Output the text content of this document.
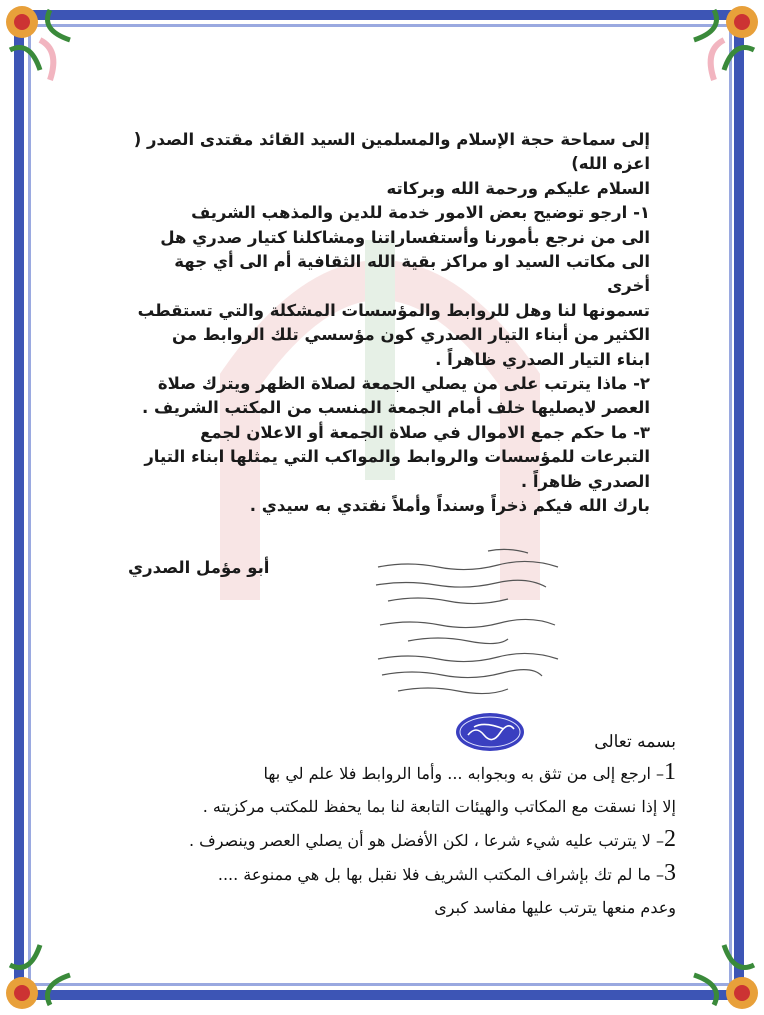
إلى سماحة حجة الإسلام والمسلمين السيد القائد مقتدى الصدر (

اعزه الله)

السلام عليكم ورحمة الله وبركاته

١- ارجو توضيح بعض الامور خدمة للدين والمذهب الشريف

الى من نرجع بأمورنا وأستفساراتنا ومشاكلنا كتيار صدري هل

الى مكاتب السيد او مراكز بقية الله الثقافية أم الى أي جهة أخرى

تسمونها لنا وهل للروابط والمؤسسات المشكلة والتي تستقطب

الكثير من أبناء التيار الصدري كون مؤسسي تلك الروابط من

ابناء التيار الصدري ظاهراً .

٢- ماذا يترتب على من يصلي الجمعة لصلاة الظهر ويترك صلاة

العصر لايصليها خلف أمام الجمعة المنسب من المكتب الشريف .

٣- ما حكم جمع الاموال في صلاة الجمعة أو الاعلان لجمع

التبرعات للمؤسسات والروابط والمواكب التي يمثلها ابناء التيار

الصدري ظاهراً .

بارك الله فيكم ذخراً وسنداً وأملاً نقتدي به سيدي .

أبو مؤمل الصدري
بسمه تعالى

1– ارجع إلى من تثق به وبجوابه ... وأما الروابط فلا علم لي بها

إلا إذا نسقت مع المكاتب والهيئات التابعة لنا بما يحفظ للمكتب مركزيته .

2– لا يترتب عليه شيء شرعا ، لكن الأفضل هو أن يصلي العصر وينصرف .

3– ما لم تك بإشراف المكتب الشريف فلا نقبل بها بل هي ممنوعة ....

وعدم منعها يترتب عليها مفاسد كبرى
